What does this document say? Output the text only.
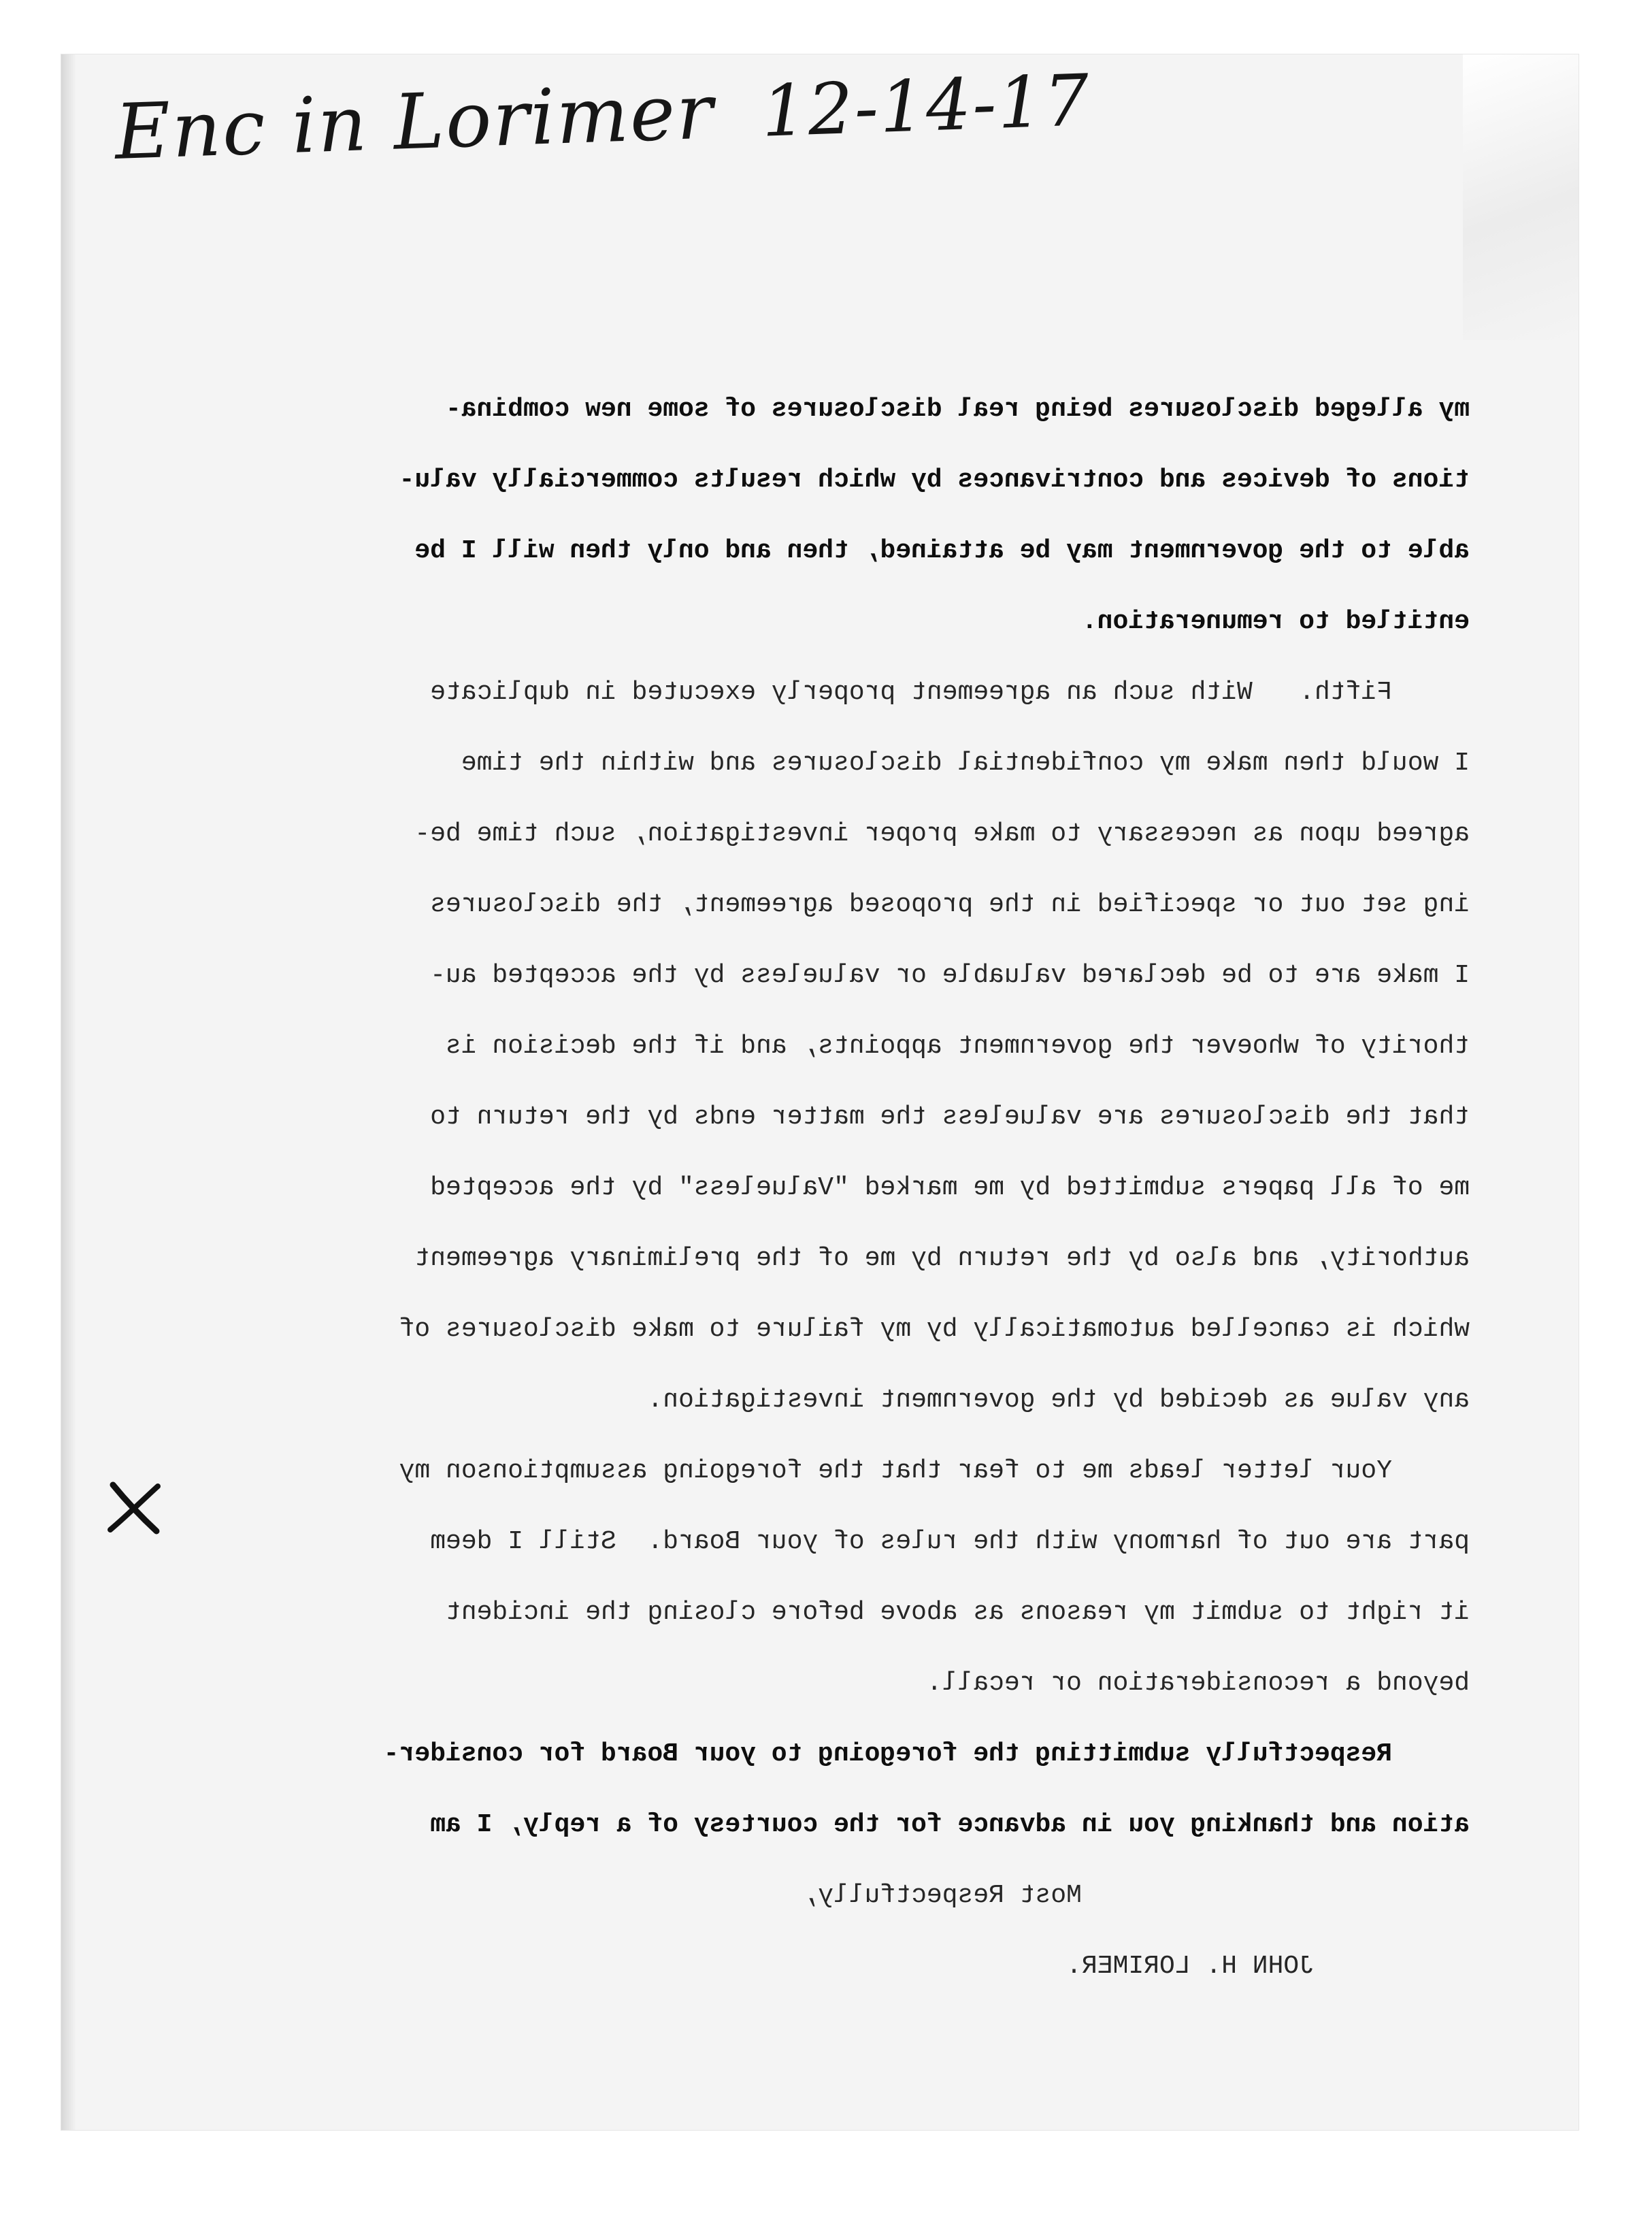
Enc in Lorimer 12-14-17
my alleged disclosures being real disclosures of some new combina-
tions of devices and contrivances by which results commercially valu-
able to the government may be attained, then and only then will I be
entitled to remuneration.
Fifth.   With such an agreement properly executed in duplicate
I would then make my confidential disclosures and within the time
agreed upon as necessary to make proper investigation, such time be-
ing set out or specified in the proposed agreement, the disclosures
I make are to be declared valuable or valueless by the accepted au-
thority of whoever the government appoints, and if the decision is
that the disclosures are valueless the matter ends by the return to
me of all papers submitted by me marked "Valueless" by the accepted
authority, and also by the return by me of the preliminary agreement
which is cancelled automatically by my failure to make disclosures of
any value as decided by the government investigation.
Your letter leads me to fear that the foregoing assumptionson my
part are out of harmony with the rules of your Board.  Still I deem
it right to submit my reasons as above before closing the incident
beyond a reconsideration or recall.
Respectfully submitting the foregoing to your Board for consider-
ation and thanking you in advance for the courtesy of a reply, I am
Most Respectfully,
JOHN H. LORIMER.
